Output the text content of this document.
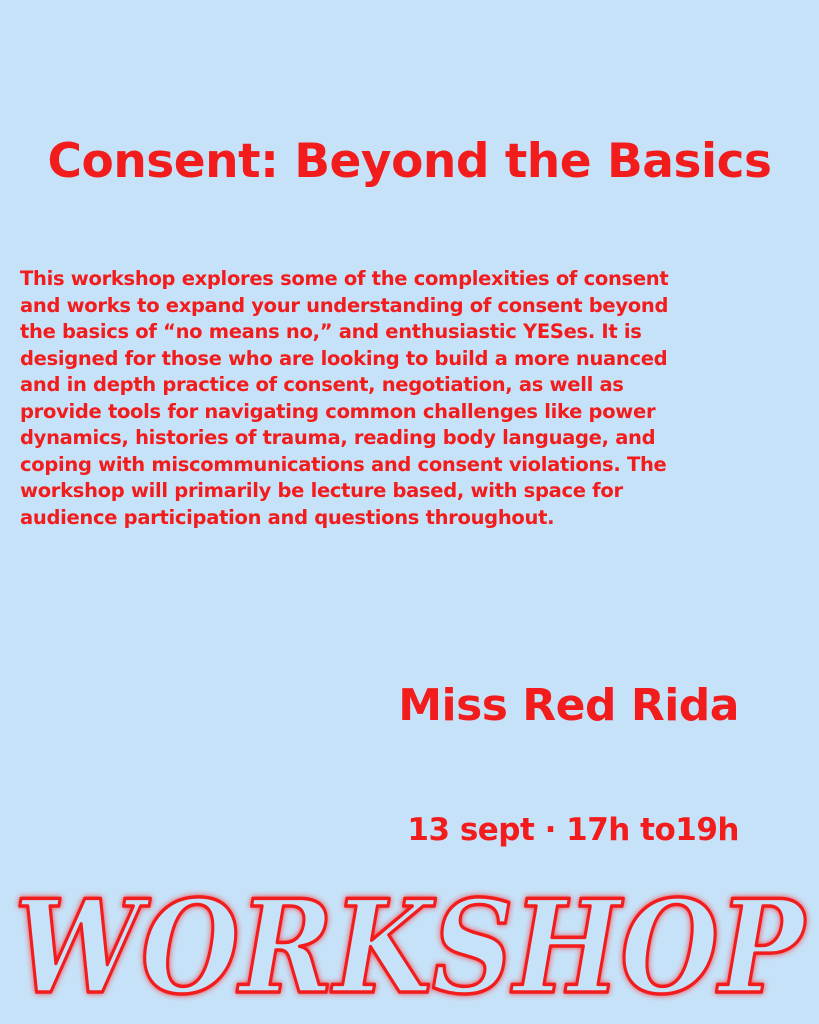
Consent: Beyond the Basics

This workshop explores some of the complexities of consent
and works to expand your understanding of consent beyond
the basics of “no means no,” and enthusiastic YESes. It is
designed for those who are looking to build a more nuanced
and in depth practice of consent, negotiation, as well as
provide tools for navigating common challenges like power
dynamics, histories of trauma, reading body language, and
coping with miscommunications and consent violations. The
workshop will primarily be lecture based, with space for
audience participation and questions throughout.

Miss Red Rida
13 sept · 17h to19h
WORKSHOP
